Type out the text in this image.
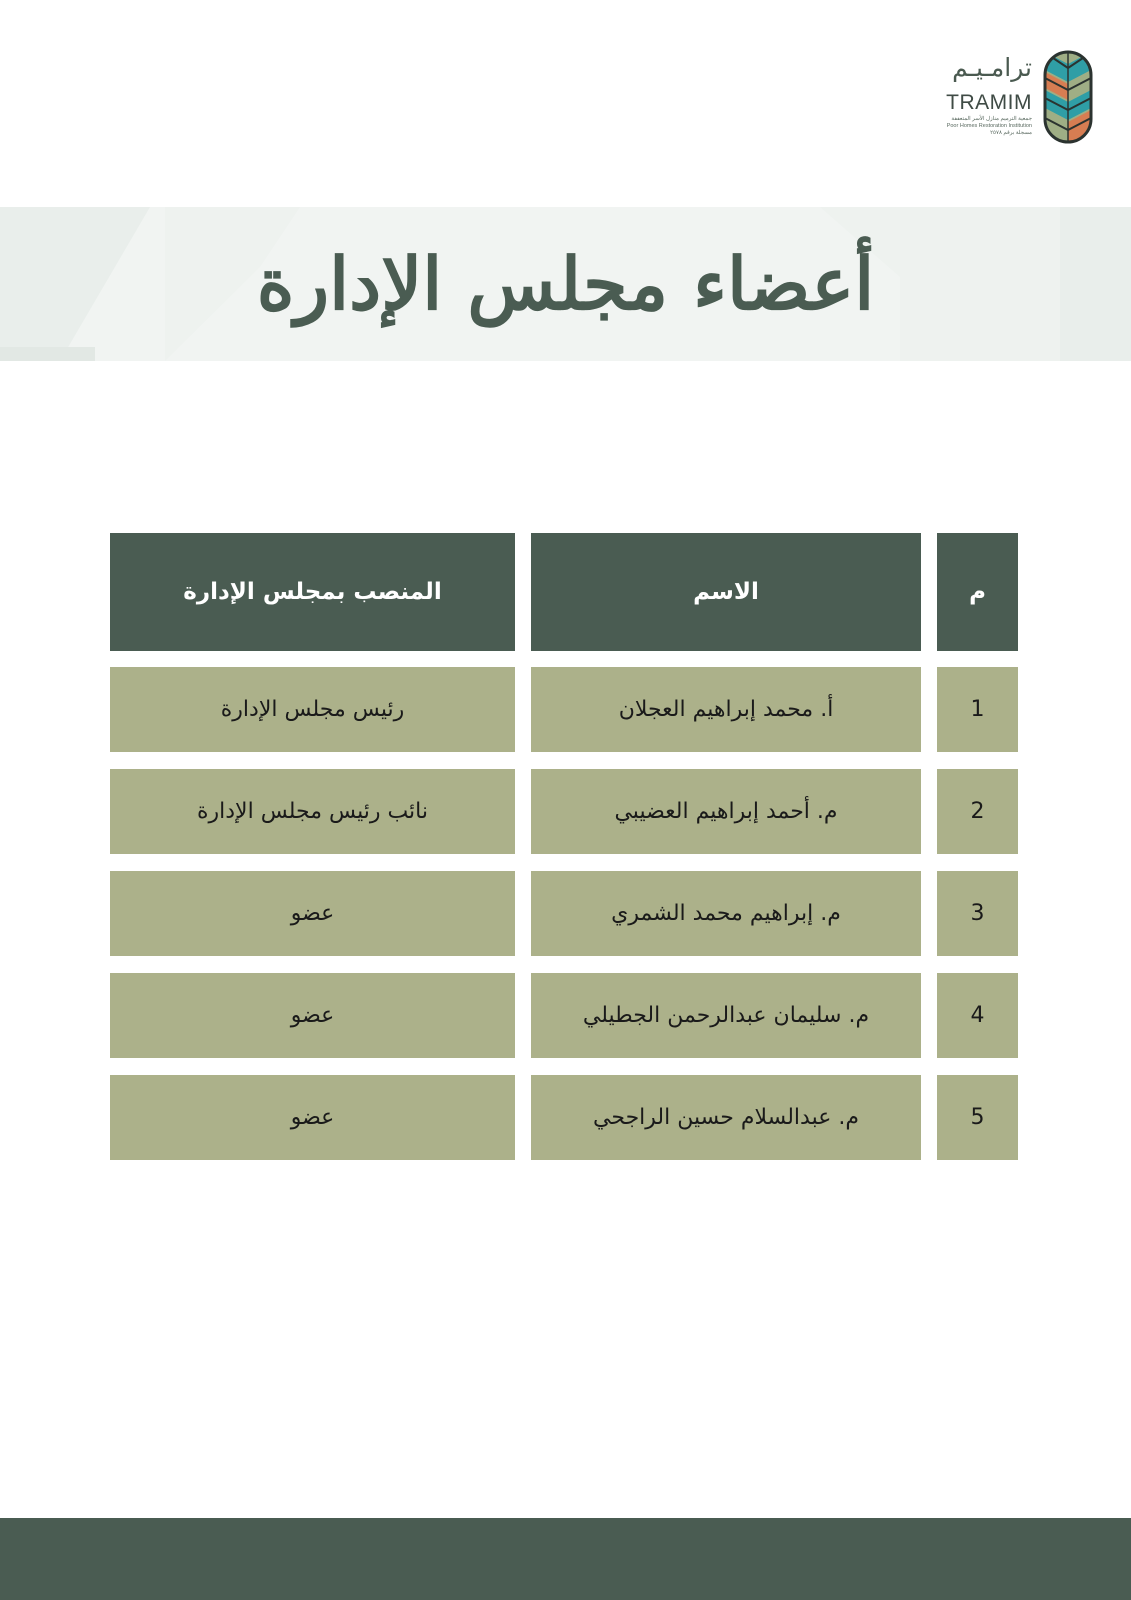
ترامـيـم
TRAMIM
جمعية الترميم منازل الأسر المتعففة
Poor Homes Restoration Institution
مسجلة برقم ٢٥٧٨
أعضاء مجلس الإدارة
م
الاسم
المنصب بمجلس الإدارة
1
أ. محمد إبراهيم العجلان
رئيس مجلس الإدارة
2
م. أحمد إبراهيم العضيبي
نائب رئيس مجلس الإدارة
3
م. إبراهيم محمد الشمري
عضو
4
م. سليمان عبدالرحمن الجطيلي
عضو
5
م. عبدالسلام حسين الراجحي
عضو
